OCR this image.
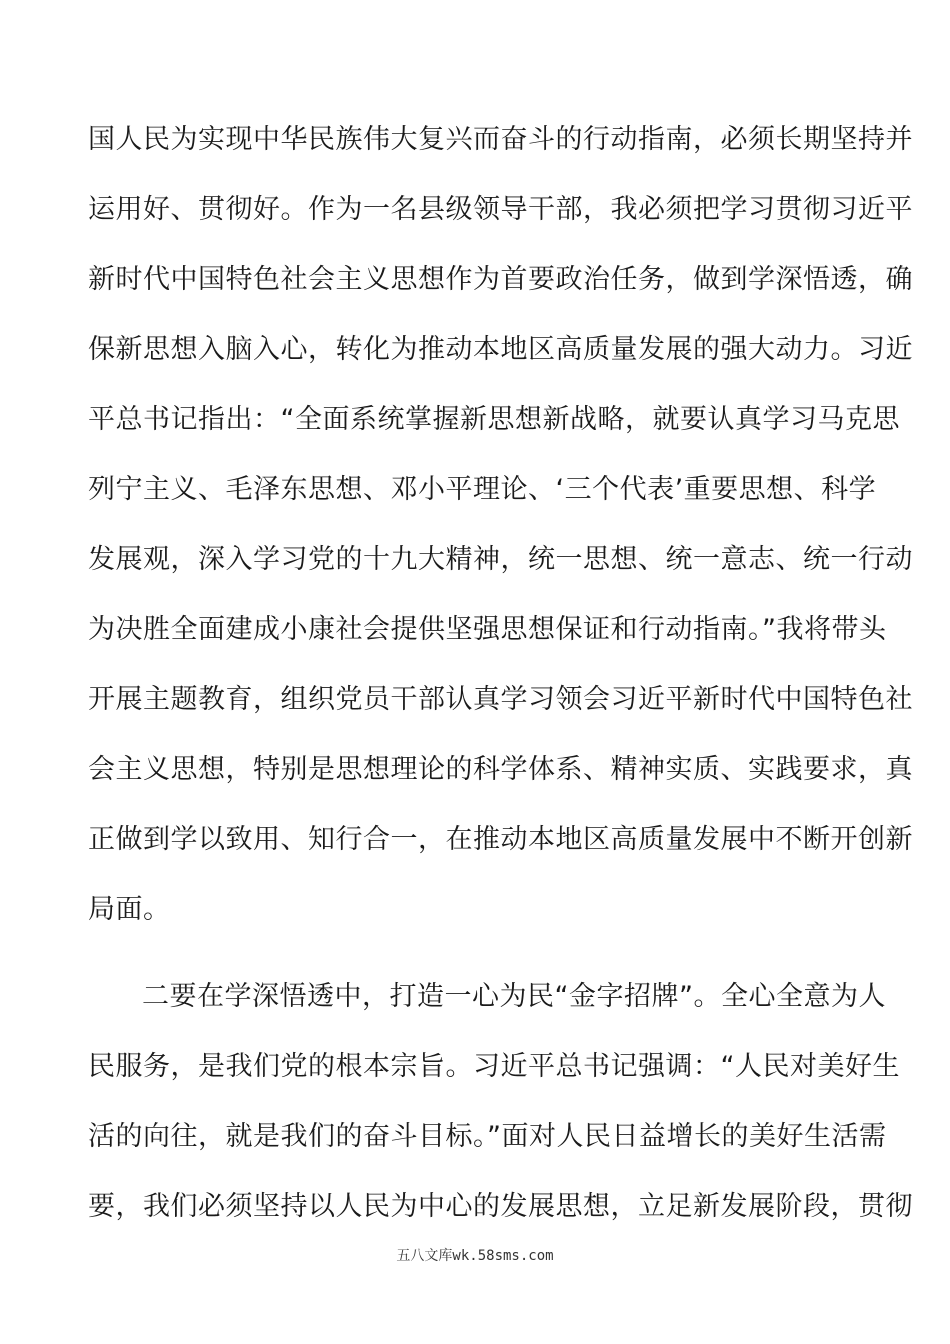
国人民为实现中华民族伟大复兴而奋斗的行动指南，必须长期坚持并
运用好、贯彻好。作为一名县级领导干部，我必须把学习贯彻习近平
新时代中国特色社会主义思想作为首要政治任务，做到学深悟透，确
保新思想入脑入心，转化为推动本地区高质量发展的强大动力。习近
平总书记指出：“全面系统掌握新思想新战略，就要认真学习马克思
列宁主义、毛泽东思想、邓小平理论、‘三个代表’重要思想、科学
发展观，深入学习党的十九大精神，统一思想、统一意志、统一行动
为决胜全面建成小康社会提供坚强思想保证和行动指南。”我将带头
开展主题教育，组织党员干部认真学习领会习近平新时代中国特色社
会主义思想，特别是思想理论的科学体系、精神实质、实践要求，真
正做到学以致用、知行合一，在推动本地区高质量发展中不断开创新
局面。
二要在学深悟透中，打造一心为民“金字招牌”。全心全意为人
民服务，是我们党的根本宗旨。习近平总书记强调：“人民对美好生
活的向往，就是我们的奋斗目标。”面对人民日益增长的美好生活需
要，我们必须坚持以人民为中心的发展思想，立足新发展阶段，贯彻
五八文库wk.58sms.com
